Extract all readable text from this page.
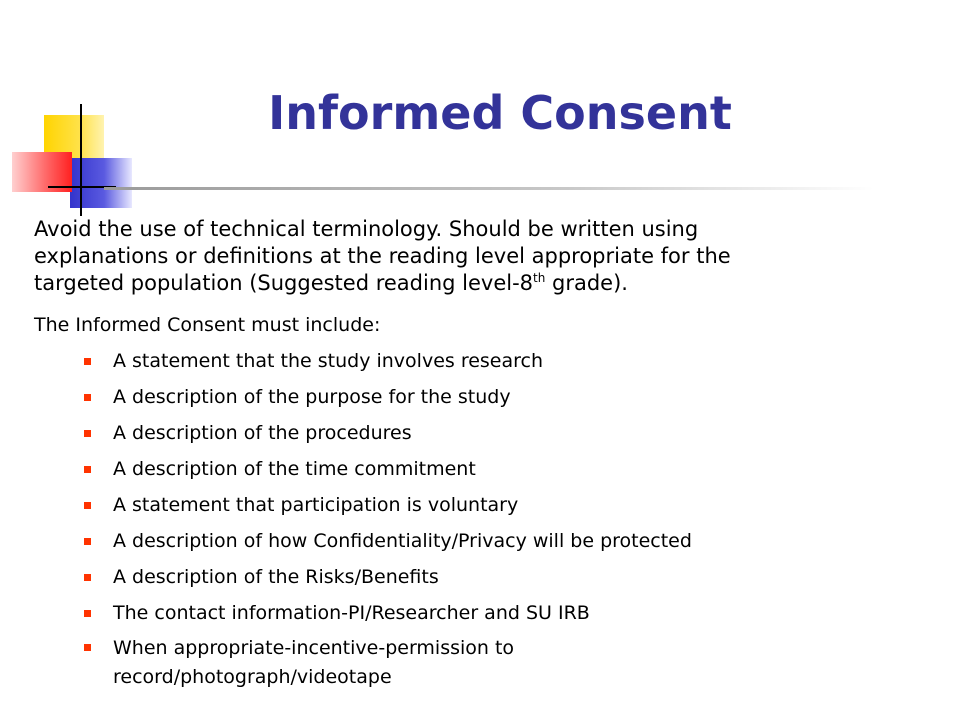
Informed Consent

Avoid the use of technical terminology. Should be written using
explanations or definitions at the reading level appropriate for the
targeted population (Suggested reading level-8th grade).

The Informed Consent must include:

A statement that the study involves research
A description of the purpose for the study
A description of the procedures
A description of the time commitment
A statement that participation is voluntary
A description of how Confidentiality/Privacy will be protected
A description of the Risks/Benefits
The contact information-PI/Researcher and SU IRB
When appropriate-incentive-permission to record/photograph/videotape
